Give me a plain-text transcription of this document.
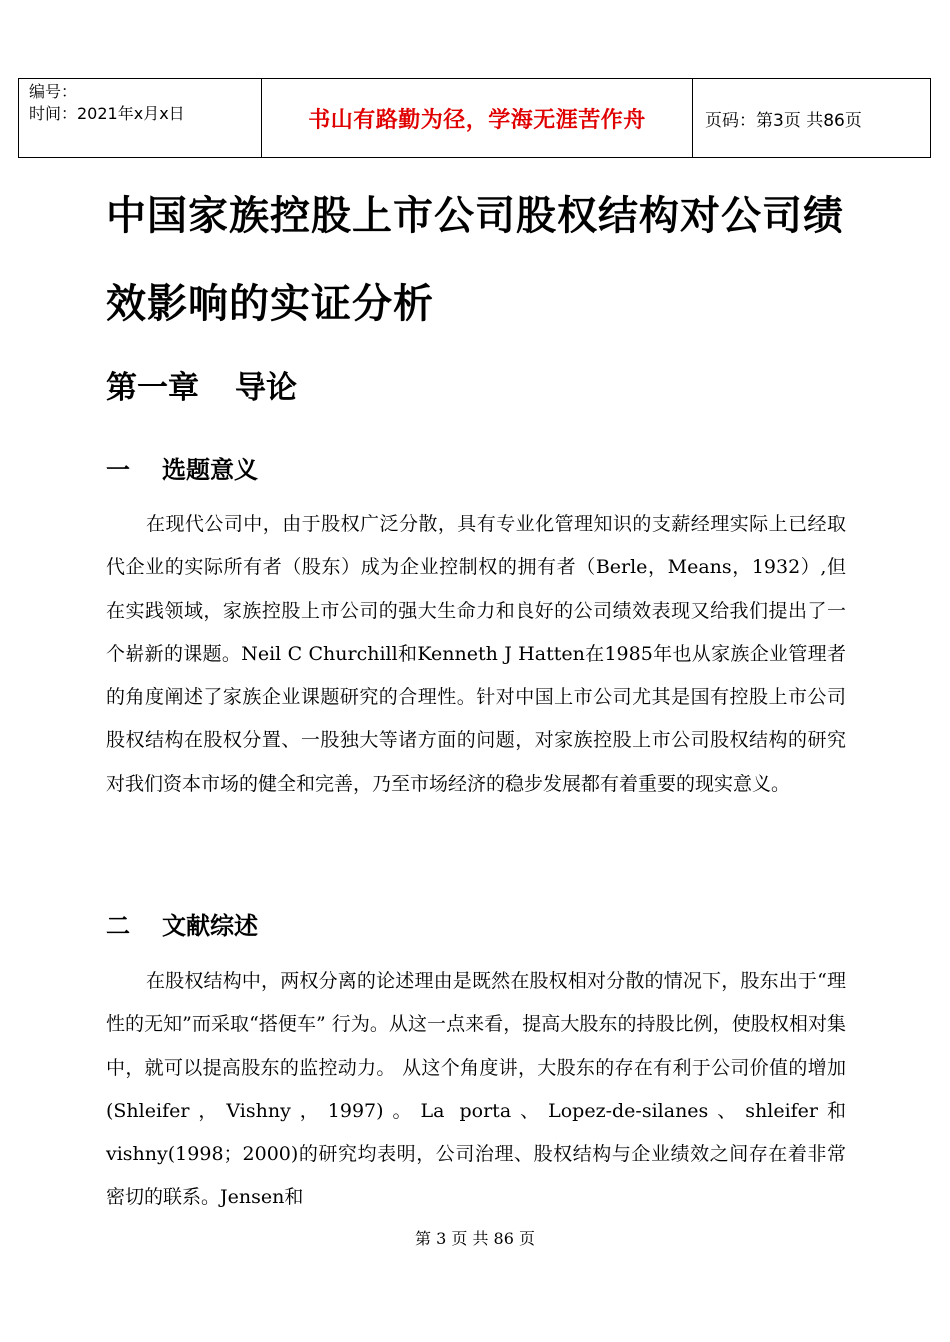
编号：
时间：2021年x月x日	书山有路勤为径，学海无涯苦作舟	页码：第3页 共86页
中国家族控股上市公司股权结构对公司绩效影响的实证分析
第一章 导论
一 选题意义

在现代公司中，由于股权广泛分散，具有专业化管理知识的支薪经理实际上已经取代企业的实际所有者（股东）成为企业控制权的拥有者（Berle，Means，1932）,但在实践领域，家族控股上市公司的强大生命力和良好的公司绩效表现又给我们提出了一个崭新的课题。Neil C Churchill和Kenneth J Hatten在1985年也从家族企业管理者的角度阐述了家族企业课题研究的合理性。针对中国上市公司尤其是国有控股上市公司股权结构在股权分置、一股独大等诸方面的问题，对家族控股上市公司股权结构的研究对我们资本市场的健全和完善，乃至市场经济的稳步发展都有着重要的现实意义。

二 文献综述

在股权结构中，两权分离的论述理由是既然在股权相对分散的情况下，股东出于“理性的无知”而采取“搭便车” 行为。从这一点来看，提高大股东的持股比例，使股权相对集中，就可以提高股东的监控动力。 从这个角度讲，大股东的存在有利于公司价值的增加 (Shleifer，Vishny，1997)。La porta、Lopez-de-silanes、shleifer和vishny(1998；2000)的研究均表明，公司治理、股权结构与企业绩效之间存在着非常密切的联系。Jensen和

第 3 页 共 86 页
